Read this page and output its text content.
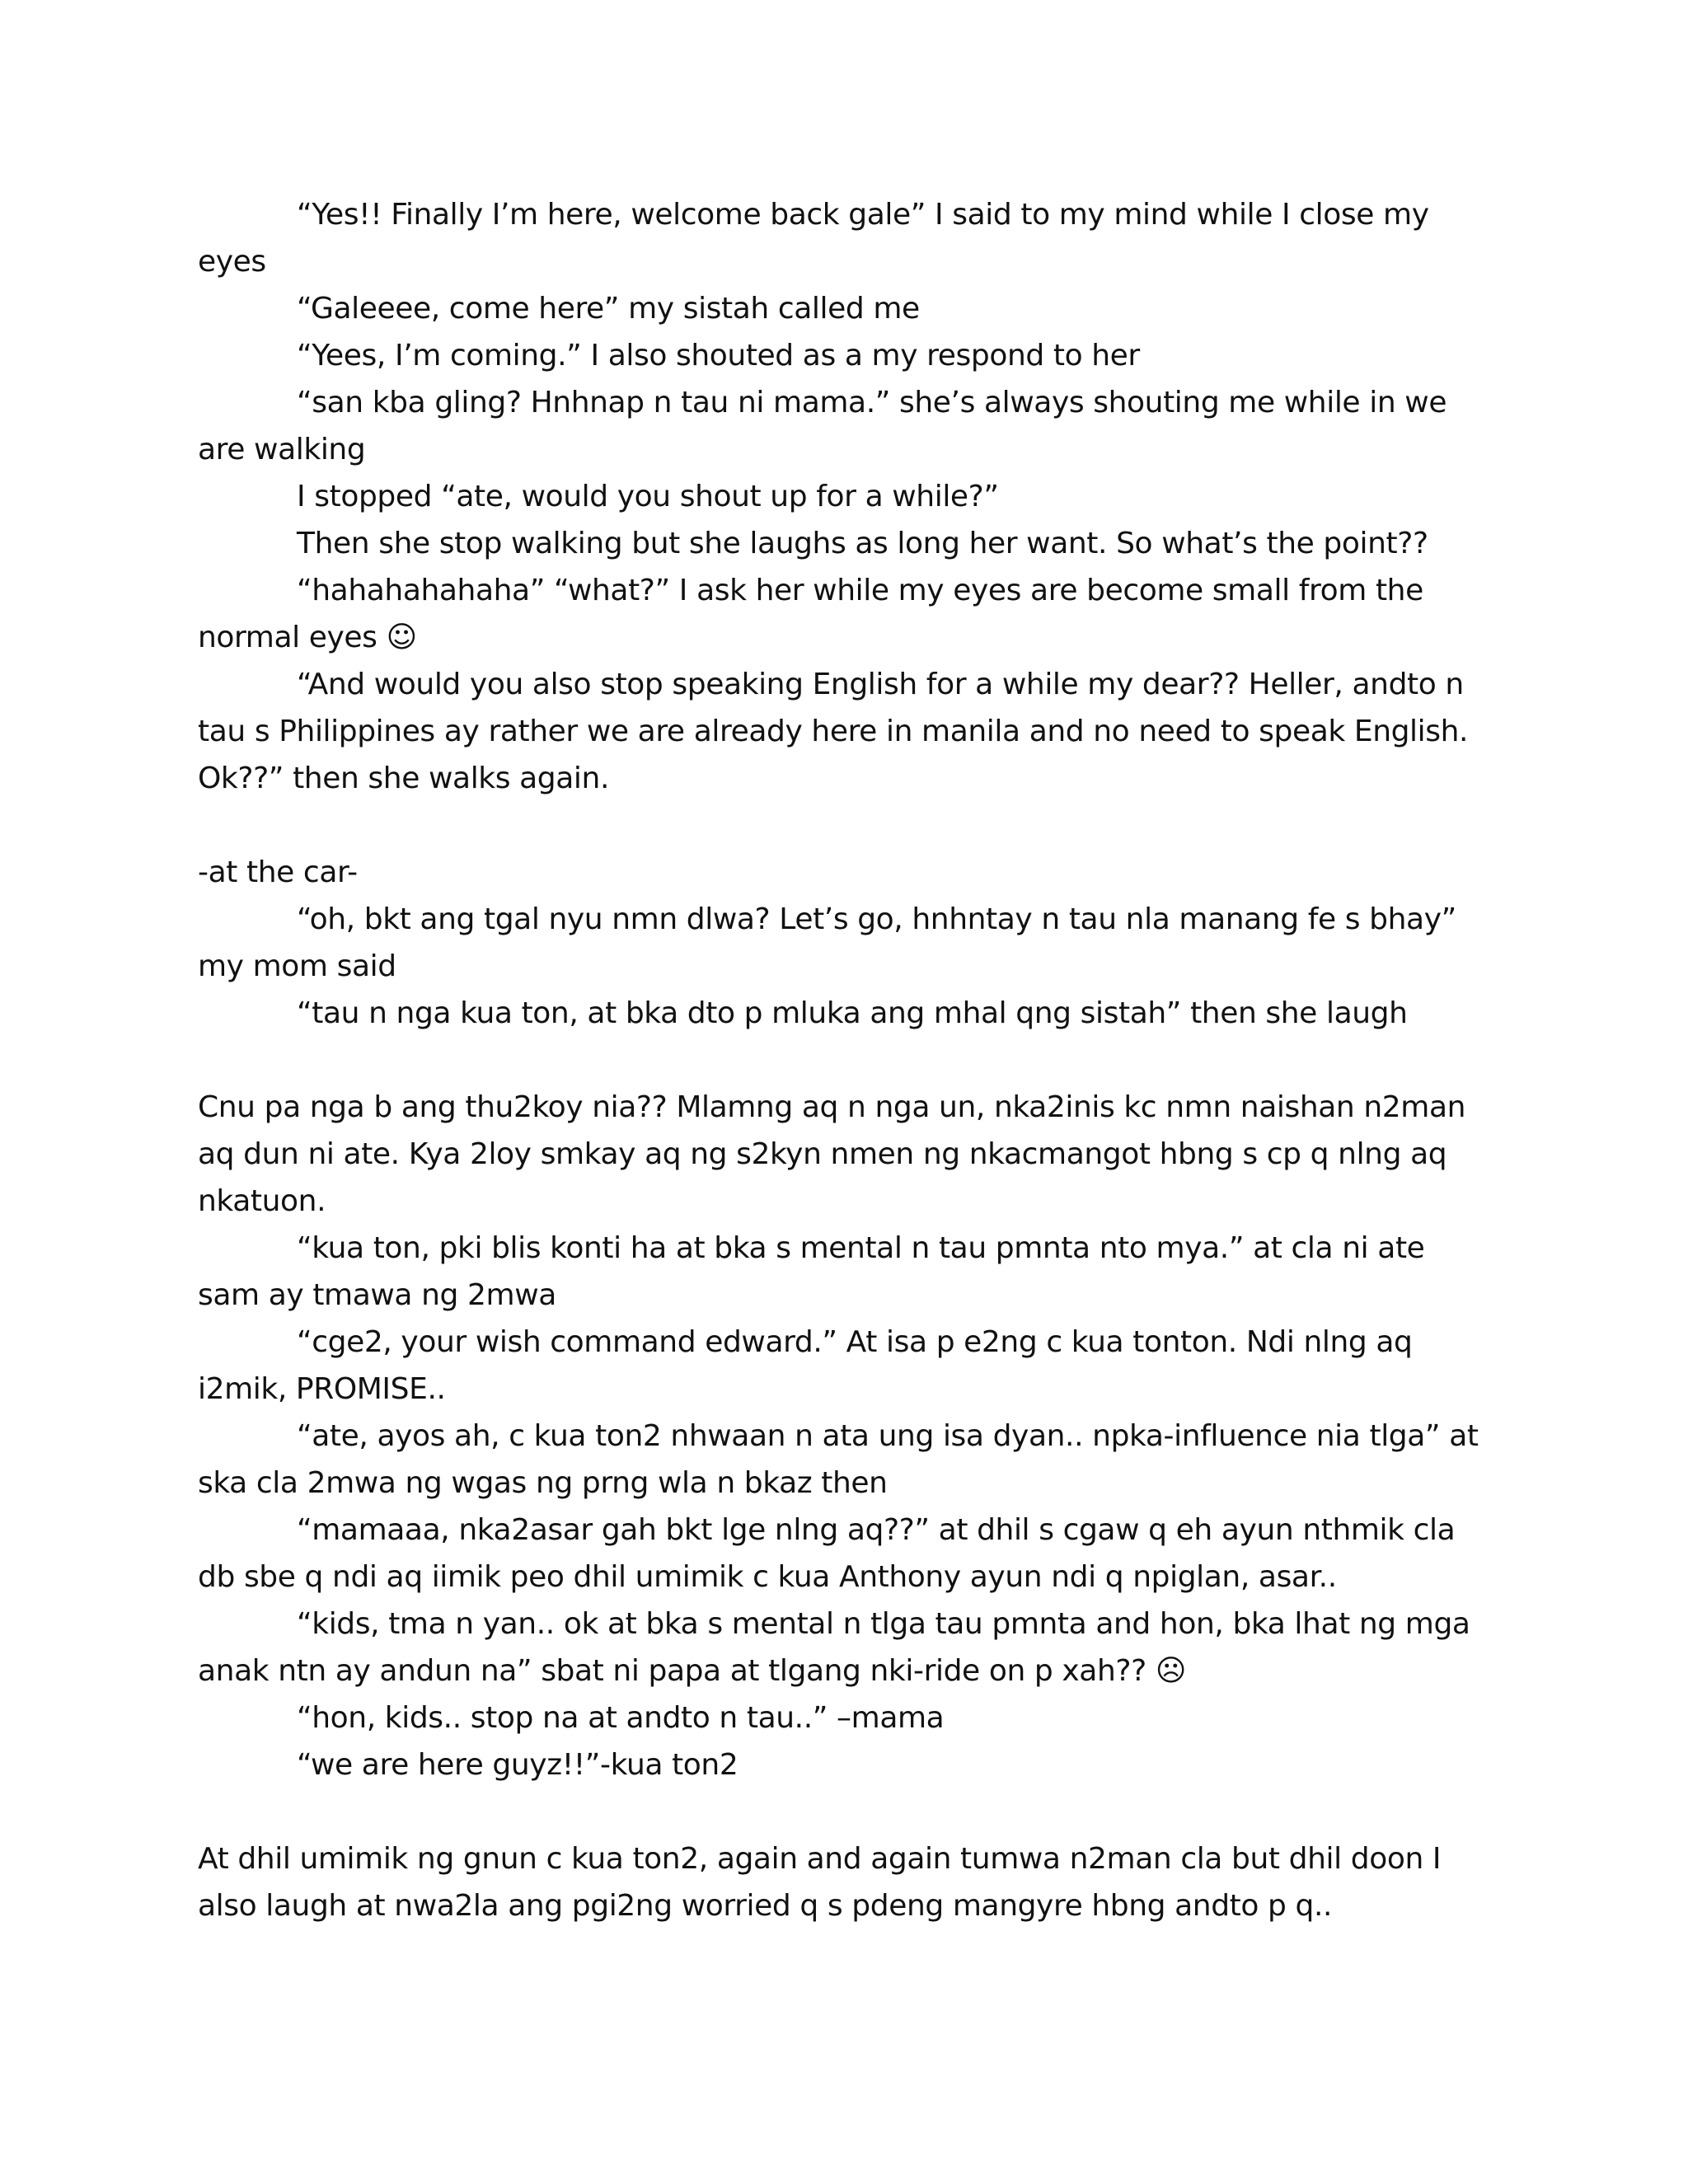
“Yes!! Finally I’m here, welcome back gale” I said to my mind while I close my eyes

“Galeeee, come here” my sistah called me

“Yees, I’m coming.” I also shouted as a my respond to her

“san kba gling? Hnhnap n tau ni mama.” she’s always shouting me while in we are walking

I stopped “ate, would you shout up for a while?”

Then she stop walking but she laughs as long her want. So what’s the point??

“hahahahahaha” “what?” I ask her while my eyes are become small from the normal eyes ☺

“And would you also stop speaking English for a while my dear?? Heller, andto n tau s Philippines ay rather we are already here in manila and no need to speak English. Ok??” then she walks again.

-at the car-

“oh, bkt ang tgal nyu nmn dlwa? Let’s go, hnhntay n tau nla manang fe s bhay” my mom said

“tau n nga kua ton, at bka dto p mluka ang mhal qng sistah” then she laugh

Cnu pa nga b ang thu2koy nia?? Mlamng aq n nga un, nka2inis kc nmn naishan n2man aq dun ni ate. Kya 2loy smkay aq ng s2kyn nmen ng nkacmangot hbng s cp q nlng aq nkatuon.

“kua ton, pki blis konti ha at bka s mental n tau pmnta nto mya.” at cla ni ate sam ay tmawa ng 2mwa

“cge2, your wish command edward.” At isa p e2ng c kua tonton. Ndi nlng aq i2mik, PROMISE..

“ate, ayos ah, c kua ton2 nhwaan n ata ung isa dyan.. npka-influence nia tlga” at ska cla 2mwa ng wgas ng prng wla n bkaz then

“mamaaa, nka2asar gah bkt lge nlng aq??” at dhil s cgaw q eh ayun nthmik cla db sbe q ndi aq iimik peo dhil umimik c kua Anthony ayun ndi q npiglan, asar..

“kids, tma n yan.. ok at bka s mental n tlga tau pmnta and hon, bka lhat ng mga anak ntn ay andun na” sbat ni papa at tlgang nki-ride on p xah?? ☹

“hon, kids.. stop na at andto n tau..” –mama

“we are here guyz!!”-kua ton2

At dhil umimik ng gnun c kua ton2, again and again tumwa n2man cla but dhil doon I also laugh at nwa2la ang pgi2ng worried q s pdeng mangyre hbng andto p q..
